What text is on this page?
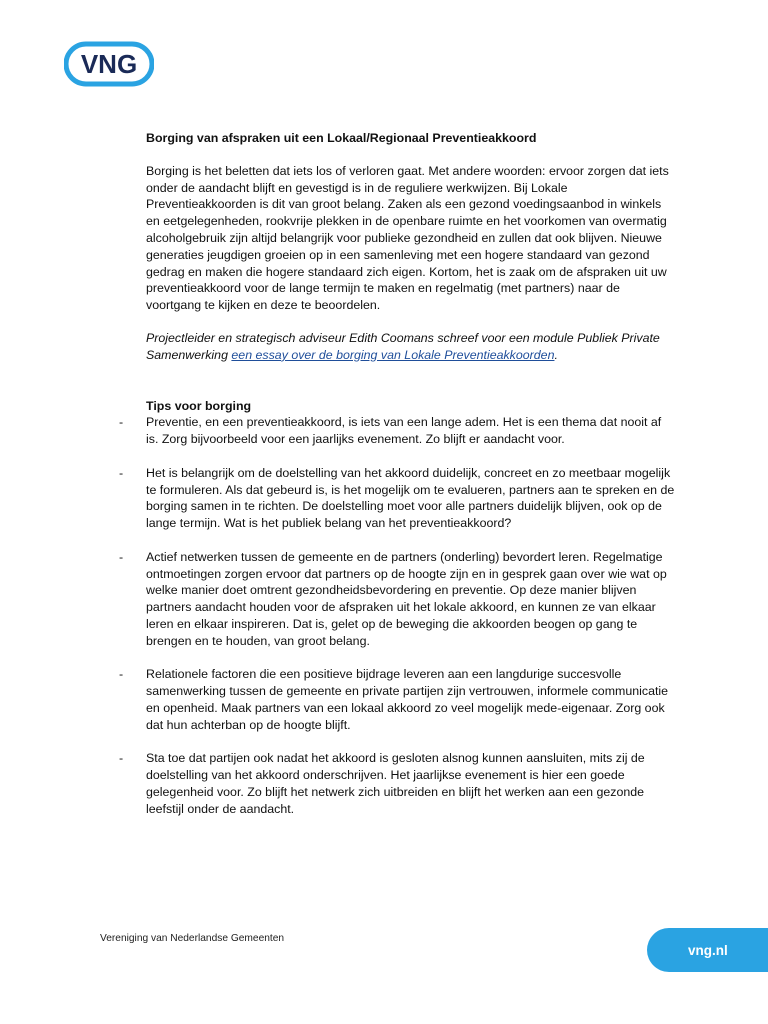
VNG

Borging van afspraken uit een Lokaal/Regionaal Preventieakkoord

Borging is het beletten dat iets los of verloren gaat. Met andere woorden: ervoor zorgen dat iets onder de aandacht blijft en gevestigd is in de reguliere werkwijzen. Bij Lokale Preventieakkoorden is dit van groot belang. Zaken als een gezond voedingsaanbod in winkels en eetgelegenheden, rookvrije plekken in de openbare ruimte en het voorkomen van overmatig alcoholgebruik zijn altijd belangrijk voor publieke gezondheid en zullen dat ook blijven. Nieuwe generaties jeugdigen groeien op in een samenleving met een hogere standaard van gezond gedrag en maken die hogere standaard zich eigen. Kortom, het is zaak om de afspraken uit uw preventieakkoord voor de lange termijn te maken en regelmatig (met partners) naar de voortgang te kijken en deze te beoordelen.

Projectleider en strategisch adviseur Edith Coomans schreef voor een module Publiek Private Samenwerking een essay over de borging van Lokale Preventieakkoorden.

Tips voor borging

- Preventie, en een preventieakkoord, is iets van een lange adem. Het is een thema dat nooit af is. Zorg bijvoorbeeld voor een jaarlijks evenement. Zo blijft er aandacht voor.
- Het is belangrijk om de doelstelling van het akkoord duidelijk, concreet en zo meetbaar mogelijk te formuleren. Als dat gebeurd is, is het mogelijk om te evalueren, partners aan te spreken en de borging samen in te richten. De doelstelling moet voor alle partners duidelijk blijven, ook op de lange termijn. Wat is het publiek belang van het preventieakkoord?
- Actief netwerken tussen de gemeente en de partners (onderling) bevordert leren. Regelmatige ontmoetingen zorgen ervoor dat partners op de hoogte zijn en in gesprek gaan over wie wat op welke manier doet omtrent gezondheidsbevordering en preventie. Op deze manier blijven partners aandacht houden voor de afspraken uit het lokale akkoord, en kunnen ze van elkaar leren en elkaar inspireren. Dat is, gelet op de beweging die akkoorden beogen op gang te brengen en te houden, van groot belang.
- Relationele factoren die een positieve bijdrage leveren aan een langdurige succesvolle samenwerking tussen de gemeente en private partijen zijn vertrouwen, informele communicatie en openheid. Maak partners van een lokaal akkoord zo veel mogelijk mede-eigenaar. Zorg ook dat hun achterban op de hoogte blijft.
- Sta toe dat partijen ook nadat het akkoord is gesloten alsnog kunnen aansluiten, mits zij de doelstelling van het akkoord onderschrijven. Het jaarlijkse evenement is hier een goede gelegenheid voor. Zo blijft het netwerk zich uitbreiden en blijft het werken aan een gezonde leefstijl onder de aandacht.
Vereniging van Nederlandse Gemeenten
vng.nl
